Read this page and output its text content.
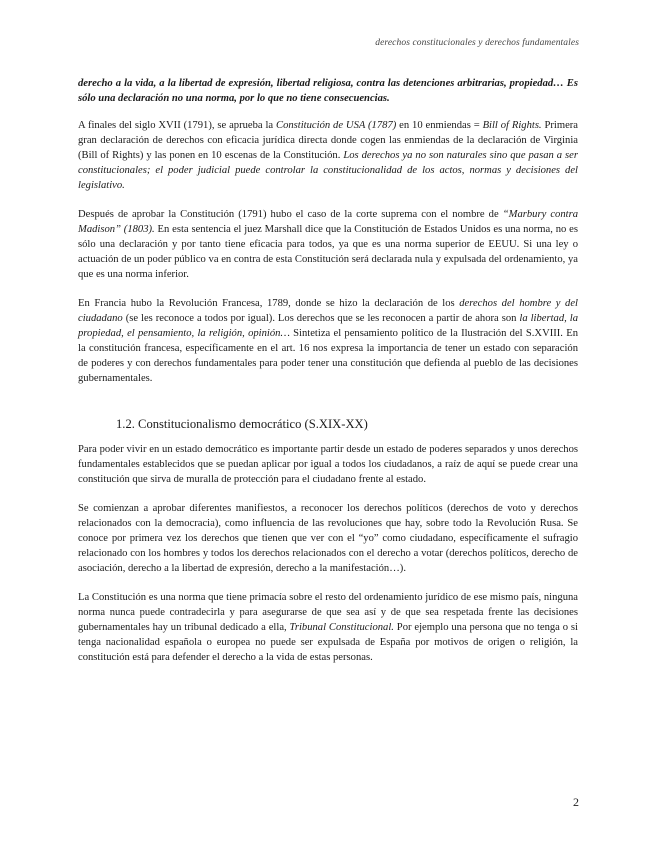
derechos constitucionales y derechos fundamentales

derecho a la vida, a la libertad de expresión, libertad religiosa, contra las detenciones arbitrarias, propiedad… Es sólo una declaración no una norma, por lo que no tiene consecuencias.

A finales del siglo XVII (1791), se aprueba la Constitución de USA (1787) en 10 enmiendas = Bill of Rights. Primera gran declaración de derechos con eficacia jurídica directa donde cogen las enmiendas de la declaración de Virginia (Bill of Rights) y las ponen en 10 escenas de la Constitución. Los derechos ya no son naturales sino que pasan a ser constitucionales; el poder judicial puede controlar la constitucionalidad de los actos, normas y decisiones del legislativo.

Después de aprobar la Constitución (1791) hubo el caso de la corte suprema con el nombre de “Marbury contra Madison” (1803). En esta sentencia el juez Marshall dice que la Constitución de Estados Unidos es una norma, no es sólo una declaración y por tanto tiene eficacia para todos, ya que es una norma superior de EEUU. Si una ley o actuación de un poder público va en contra de esta Constitución será declarada nula y expulsada del ordenamiento, ya que es una norma inferior.

En Francia hubo la Revolución Francesa, 1789, donde se hizo la declaración de los derechos del hombre y del ciudadano (se les reconoce a todos por igual). Los derechos que se les reconocen a partir de ahora son la libertad, la propiedad, el pensamiento, la religión, opinión… Sintetiza el pensamiento político de la Ilustración del S.XVIII. En la constitución francesa, específicamente en el art. 16 nos expresa la importancia de tener un estado con separación de poderes y con derechos fundamentales para poder tener una constitución que defienda al pueblo de las decisiones gubernamentales.

1.2. Constitucionalismo democrático (S.XIX-XX)

Para poder vivir en un estado democrático es importante partir desde un estado de poderes separados y unos derechos fundamentales establecidos que se puedan aplicar por igual a todos los ciudadanos, a raíz de aquí se puede crear una constitución que sirva de muralla de protección para el ciudadano frente al estado.

Se comienzan a aprobar diferentes manifiestos, a reconocer los derechos políticos (derechos de voto y derechos relacionados con la democracia), como influencia de las revoluciones que hay, sobre todo la Revolución Rusa. Se conoce por primera vez los derechos que tienen que ver con el “yo” como ciudadano, específicamente el sufragio relacionado con los hombres y todos los derechos relacionados con el derecho a votar (derechos políticos, derecho de asociación, derecho a la libertad de expresión, derecho a la manifestación…).

La Constitución es una norma que tiene primacía sobre el resto del ordenamiento jurídico de ese mismo país, ninguna norma nunca puede contradecirla y para asegurarse de que sea así y de que sea respetada frente las decisiones gubernamentales hay un tribunal dedicado a ella, Tribunal Constitucional. Por ejemplo una persona que no tenga o si tenga nacionalidad española o europea no puede ser expulsada de España por motivos de origen o religión, la constitución está para defender el derecho a la vida de estas personas.

2
